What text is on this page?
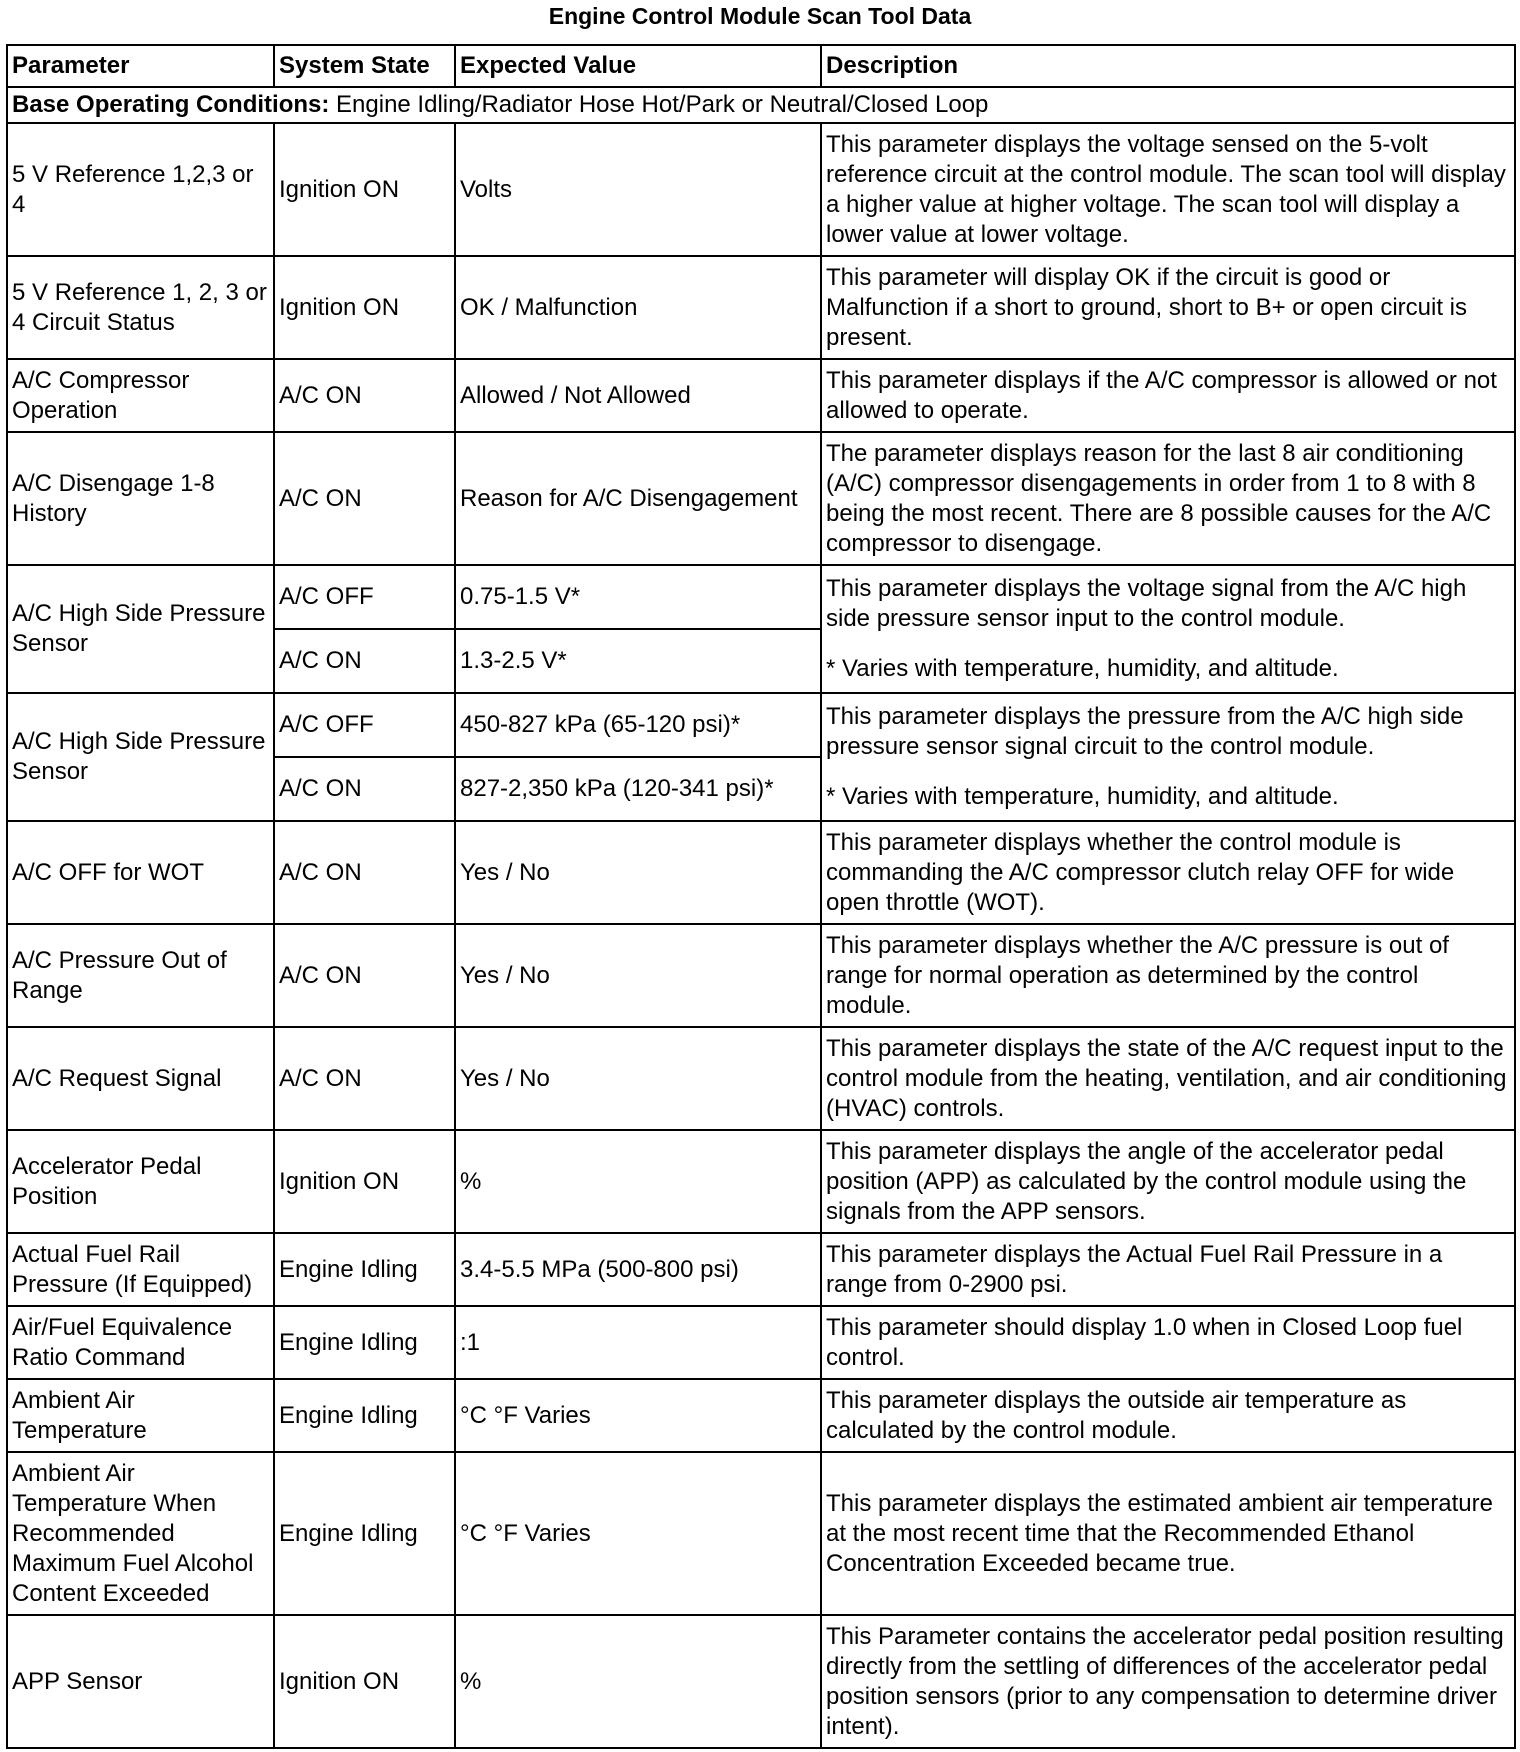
Engine Control Module Scan Tool Data
Parameter	System State	Expected Value	Description
Base Operating Conditions: Engine Idling/Radiator Hose Hot/Park or Neutral/Closed Loop			
5 V Reference 1,2,3 or 4	Ignition ON	Volts	This parameter displays the voltage sensed on the 5-volt reference circuit at the control module. The scan tool will display a higher value at higher voltage. The scan tool will display a lower value at lower voltage.
5 V Reference 1, 2, 3 or 4 Circuit Status	Ignition ON	OK / Malfunction	This parameter will display OK if the circuit is good or Malfunction if a short to ground, short to B+ or open circuit is present.
A/C Compressor Operation	A/C ON	Allowed / Not Allowed	This parameter displays if the A/C compressor is allowed or not allowed to operate.
A/C Disengage 1-8 History	A/C ON	Reason for A/C Disengagement	The parameter displays reason for the last 8 air conditioning (A/C) compressor disengagements in order from 1 to 8 with 8 being the most recent. There are 8 possible causes for the A/C compressor to disengage.
A/C High Side Pressure Sensor	A/C OFF	0.75-1.5 V*	This parameter displays the voltage signal from the A/C high side pressure sensor input to the control module.
* Varies with temperature, humidity, and altitude.

	A/C ON	1.3-2.5 V*	
A/C High Side Pressure Sensor	A/C OFF	450-827 kPa (65-120 psi)*	This parameter displays the pressure from the A/C high side pressure sensor signal circuit to the control module.
* Varies with temperature, humidity, and altitude.

	A/C ON	827-2,350 kPa (120-341 psi)*	
A/C OFF for WOT	A/C ON	Yes / No	This parameter displays whether the control module is commanding the A/C compressor clutch relay OFF for wide open throttle (WOT).
A/C Pressure Out of Range	A/C ON	Yes / No	This parameter displays whether the A/C pressure is out of range for normal operation as determined by the control module.
A/C Request Signal	A/C ON	Yes / No	This parameter displays the state of the A/C request input to the control module from the heating, ventilation, and air conditioning (HVAC) controls.
Accelerator Pedal Position	Ignition ON	%	This parameter displays the angle of the accelerator pedal position (APP) as calculated by the control module using the signals from the APP sensors.
Actual Fuel Rail Pressure (If Equipped)	Engine Idling	3.4-5.5 MPa (500-800 psi)	This parameter displays the Actual Fuel Rail Pressure in a range from 0-2900 psi.
Air/Fuel Equivalence Ratio Command	Engine Idling	:1	This parameter should display 1.0 when in Closed Loop fuel control.
Ambient Air Temperature	Engine Idling	°C °F Varies	This parameter displays the outside air temperature as calculated by the control module.
Ambient Air Temperature When Recommended Maximum Fuel Alcohol Content Exceeded	Engine Idling	°C °F Varies	This parameter displays the estimated ambient air temperature at the most recent time that the Recommended Ethanol Concentration Exceeded became true.
APP Sensor	Ignition ON	%	This Parameter contains the accelerator pedal position resulting directly from the settling of differences of the accelerator pedal position sensors (prior to any compensation to determine driver intent).
